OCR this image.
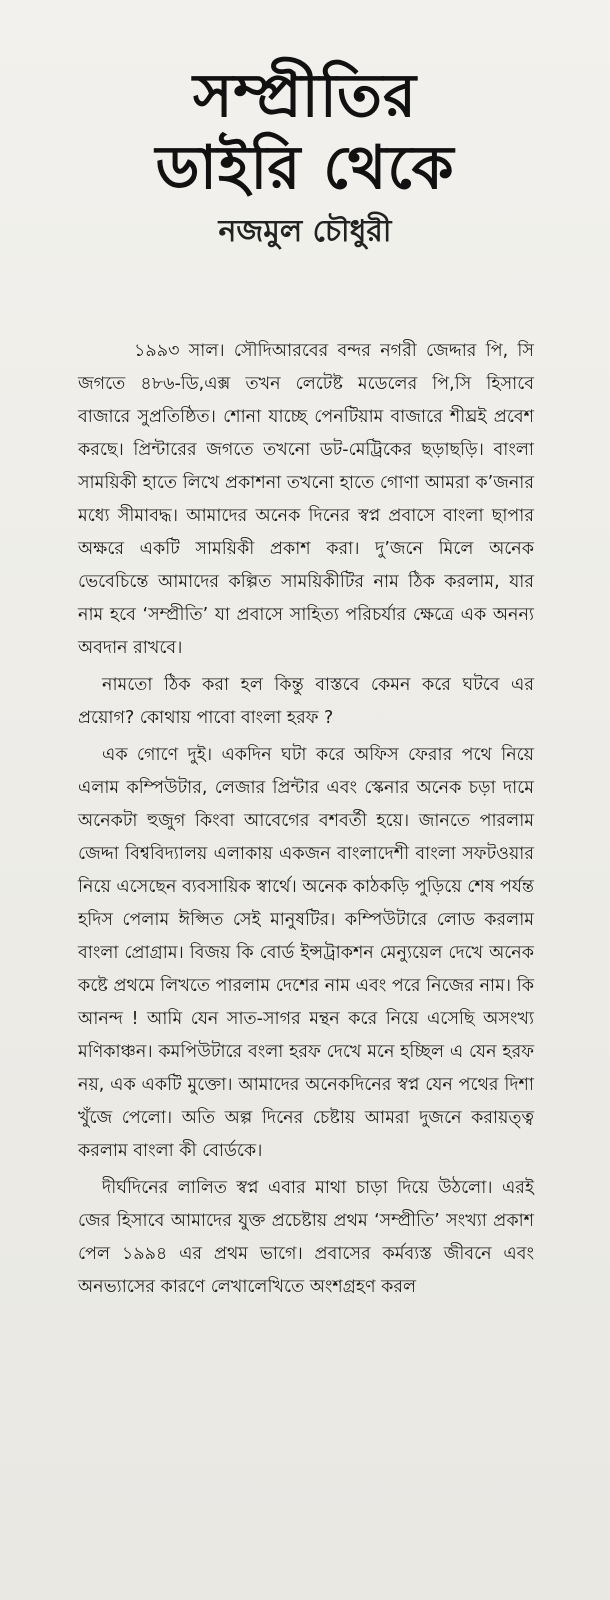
সম্প্রীতির
ডাইরি থেকে
নজমুল চৌধুরী

১৯৯৩ সাল। সৌদিআরবের বন্দর নগরী জেদ্দার পি, সি জগতে ৪৮৬-ডি,এক্স তখন লেটেষ্ট মডেলের পি,সি হিসাবে বাজারে সুপ্রতিষ্ঠিত। শোনা যাচ্ছে পেনটিয়াম বাজারে শীঘ্রই প্রবেশ করছে। প্রিন্টারের জগতে তখনো ডট-মেট্রিকের ছড়াছড়ি। বাংলা সাময়িকী হাতে লিখে প্রকাশনা তখনো হাতে গোণা আমরা ক’জনার মধ্যে সীমাবদ্ধ। আমাদের অনেক দিনের স্বপ্ন প্রবাসে বাংলা ছাপার অক্ষরে একটি সাময়িকী প্রকাশ করা। দু’জনে মিলে অনেক ভেবেচিন্তে আমাদের কল্পিত সাময়িকীটির নাম ঠিক করলাম, যার নাম হবে ‘সম্প্রীতি’ যা প্রবাসে সাহিত্য পরিচর্যার ক্ষেত্রে এক অনন্য অবদান রাখবে।

নামতো ঠিক করা হল কিন্তু বাস্তবে কেমন করে ঘটবে এর প্রয়োগ? কোথায় পাবো বাংলা হরফ ?

এক গোণে দুই। একদিন ঘটা করে অফিস ফেরার পথে নিয়ে এলাম কম্পিউটার, লেজার প্রিন্টার এবং স্কেনার অনেক চড়া দামে অনেকটা হুজুগ কিংবা আবেগের বশবর্তী হয়ে। জানতে পারলাম জেদ্দা বিশ্ববিদ্যালয় এলাকায় একজন বাংলাদেশী বাংলা সফটওয়ার নিয়ে এসেছেন ব্যবসায়িক স্বার্থে। অনেক কাঠকড়ি পুড়িয়ে শেষ পর্যন্ত হদিস পেলাম ঈপ্সিত সেই মানুষটির। কম্পিউটারে লোড করলাম বাংলা প্রোগ্রাম। বিজয় কি বোর্ড ইন্সট্রাকশন মেন্যুয়েল দেখে অনেক কষ্টে প্রথমে লিখতে পারলাম দেশের নাম এবং পরে নিজের নাম। কি আনন্দ ! আমি যেন সাত-সাগর মন্থন করে নিয়ে এসেছি অসংখ্য মণিকাঞ্চন। কমপিউটারে বংলা হরফ দেখে মনে হচ্ছিল এ যেন হরফ নয়, এক একটি মুক্তো। আমাদের অনেকদিনের স্বপ্ন যেন পথের দিশা খুঁজে পেলো। অতি অল্প দিনের চেষ্টায় আমরা দুজনে করায়ত্ত্ব করলাম বাংলা কী বোর্ডকে।

দীর্ঘদিনের লালিত স্বপ্ন এবার মাথা চাড়া দিয়ে উঠলো। এরই জের হিসাবে আমাদের যুক্ত প্রচেষ্টায় প্রথম ‘সম্প্রীতি’ সংখ্যা প্রকাশ পেল ১৯৯৪ এর প্রথম ভাগে। প্রবাসের কর্মব্যস্ত জীবনে এবং অনভ্যাসের কারণে লেখালেখিতে অংশগ্রহণ করল
